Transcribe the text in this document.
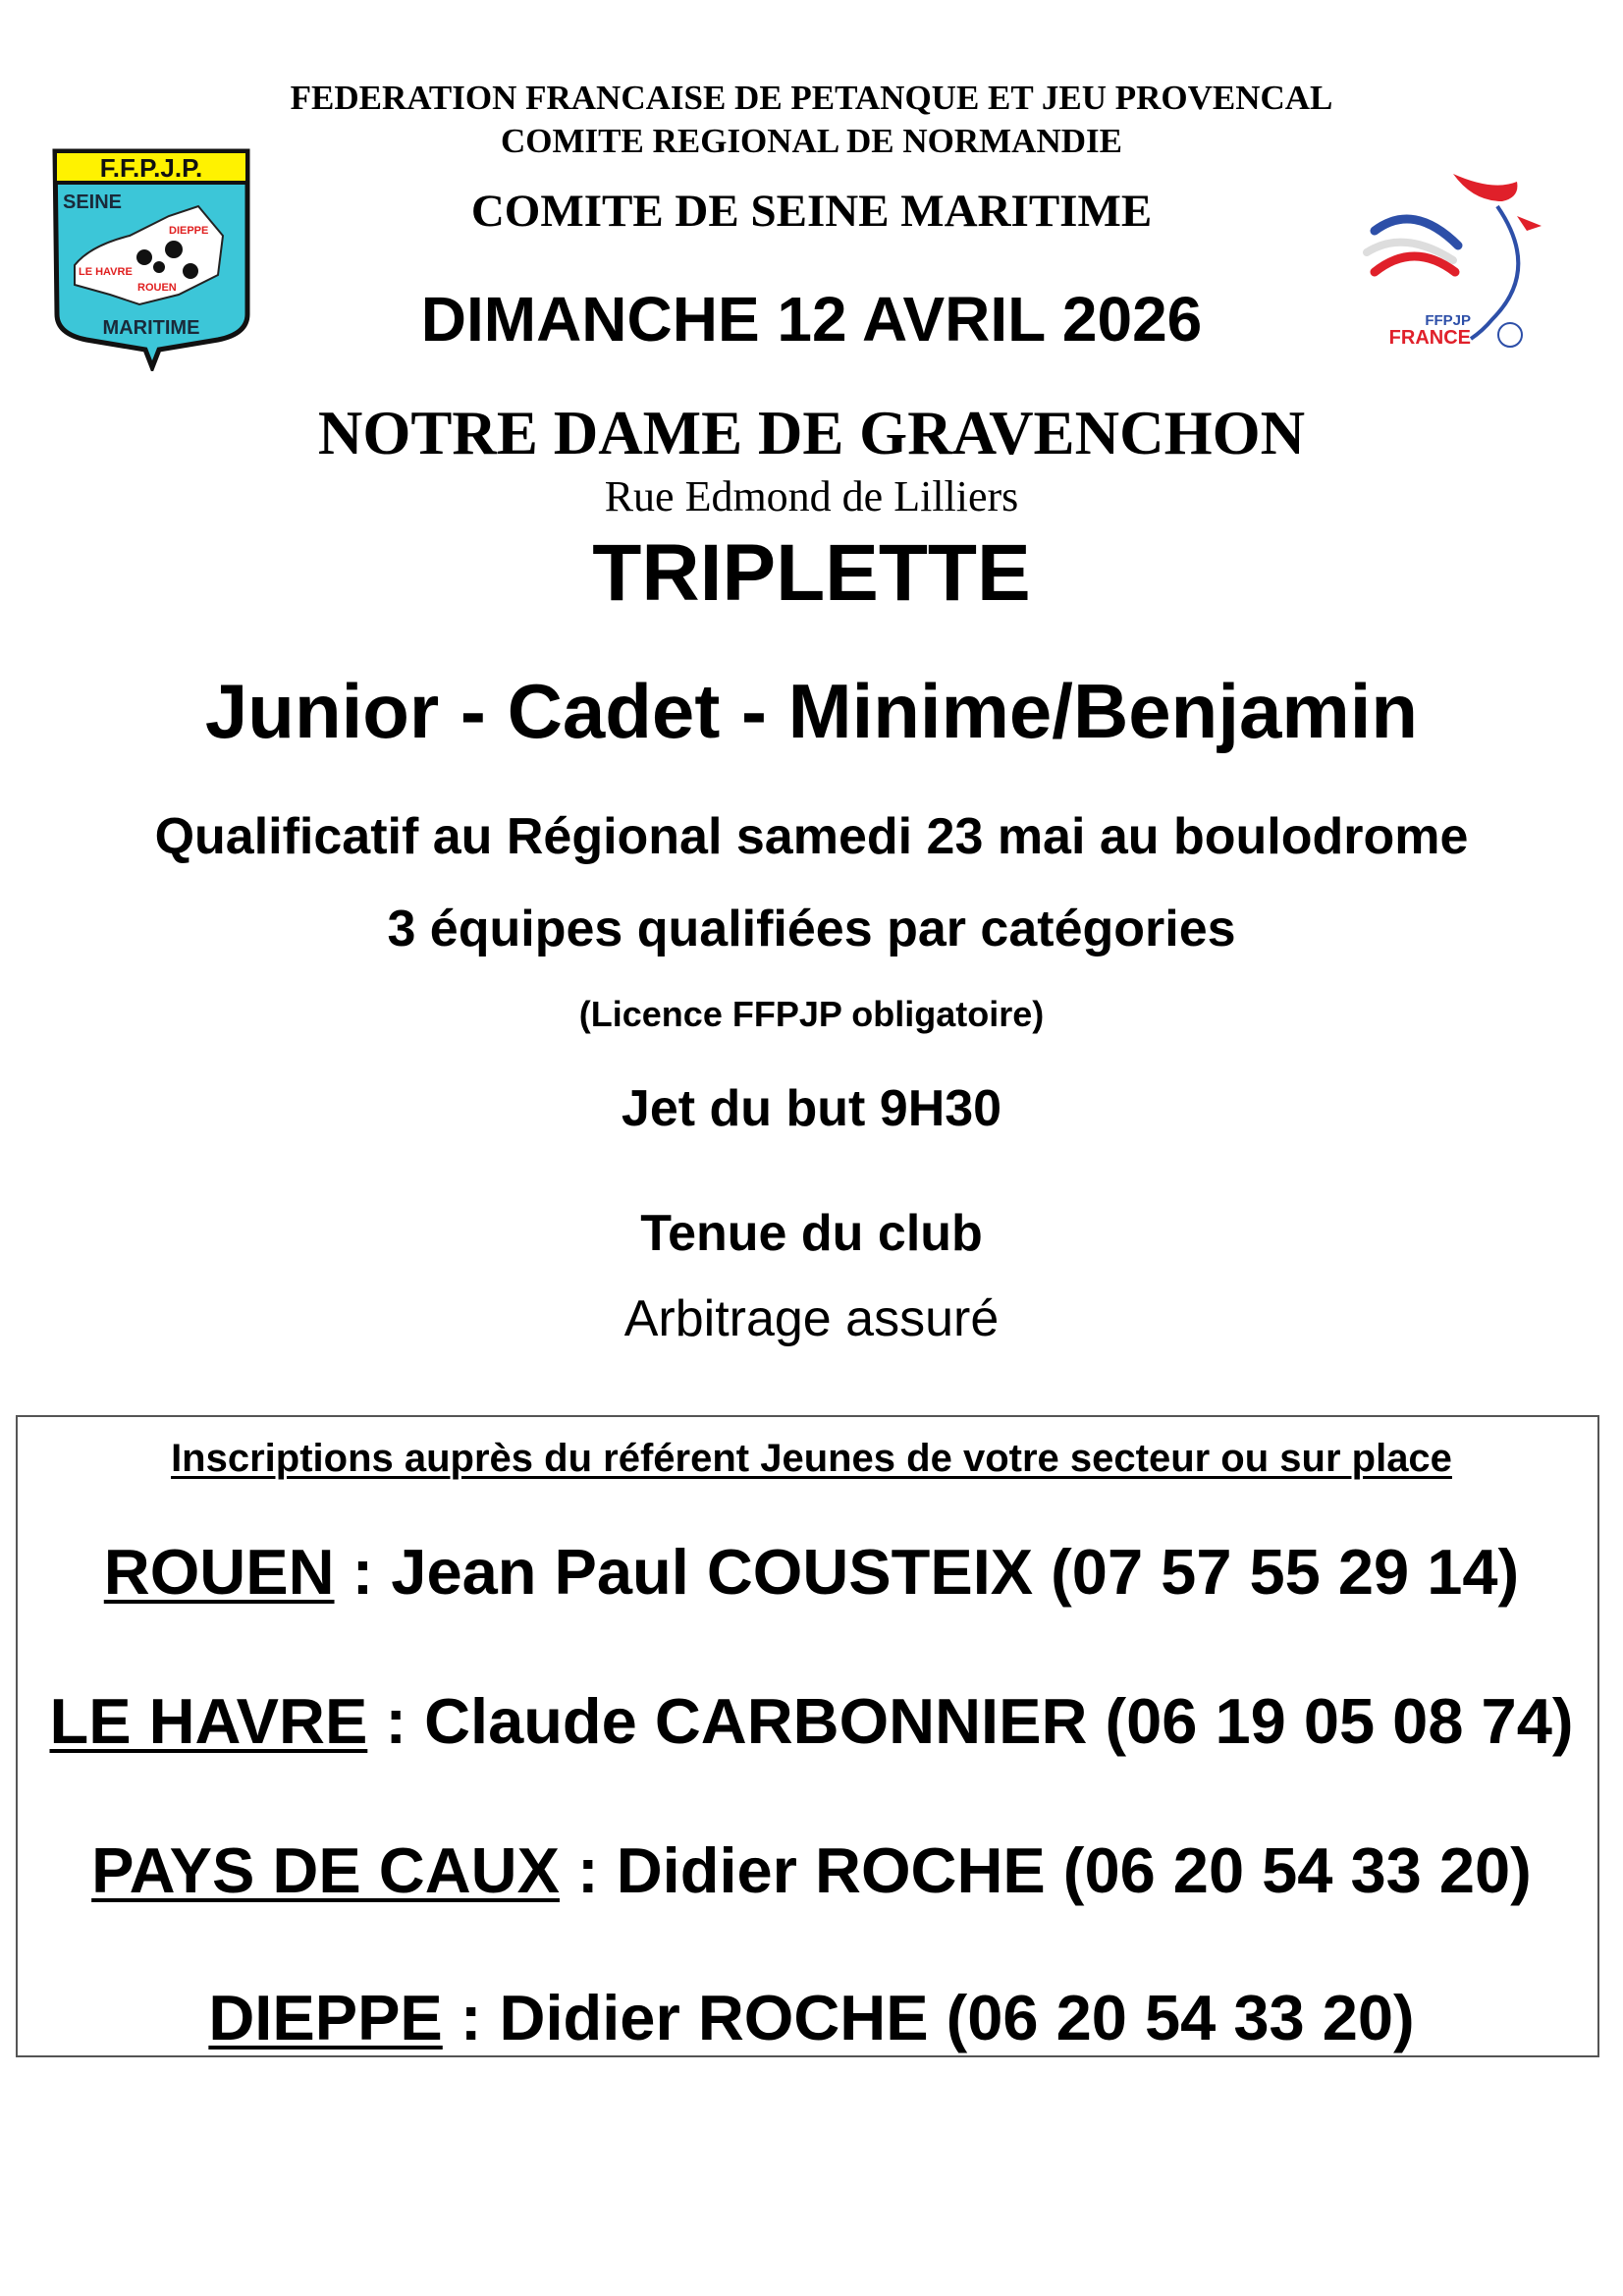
F.F.P.J.P.
SEINE
DIEPPE
LE HAVRE
ROUEN
MARITIME	FFPJP
FRANCE
FEDERATION FRANCAISE DE PETANQUE ET JEU PROVENCAL
COMITE REGIONAL DE NORMANDIE
COMITE DE SEINE MARITIME
DIMANCHE 12 AVRIL 2026
NOTRE DAME DE GRAVENCHON
Rue Edmond de Lilliers
TRIPLETTE
Junior - Cadet - Minime/Benjamin
Qualificatif au Régional samedi 23 mai au boulodrome
3 équipes qualifiées par catégories
(Licence FFPJP obligatoire)
Jet du but 9H30
Tenue du club
Arbitrage assuré
Inscriptions auprès du référent Jeunes de votre secteur ou sur place
ROUEN : Jean Paul COUSTEIX (07 57 55 29 14)
LE HAVRE : Claude CARBONNIER (06 19 05 08 74)
PAYS DE CAUX : Didier ROCHE (06 20 54 33 20)
DIEPPE : Didier ROCHE (06 20 54 33 20)
